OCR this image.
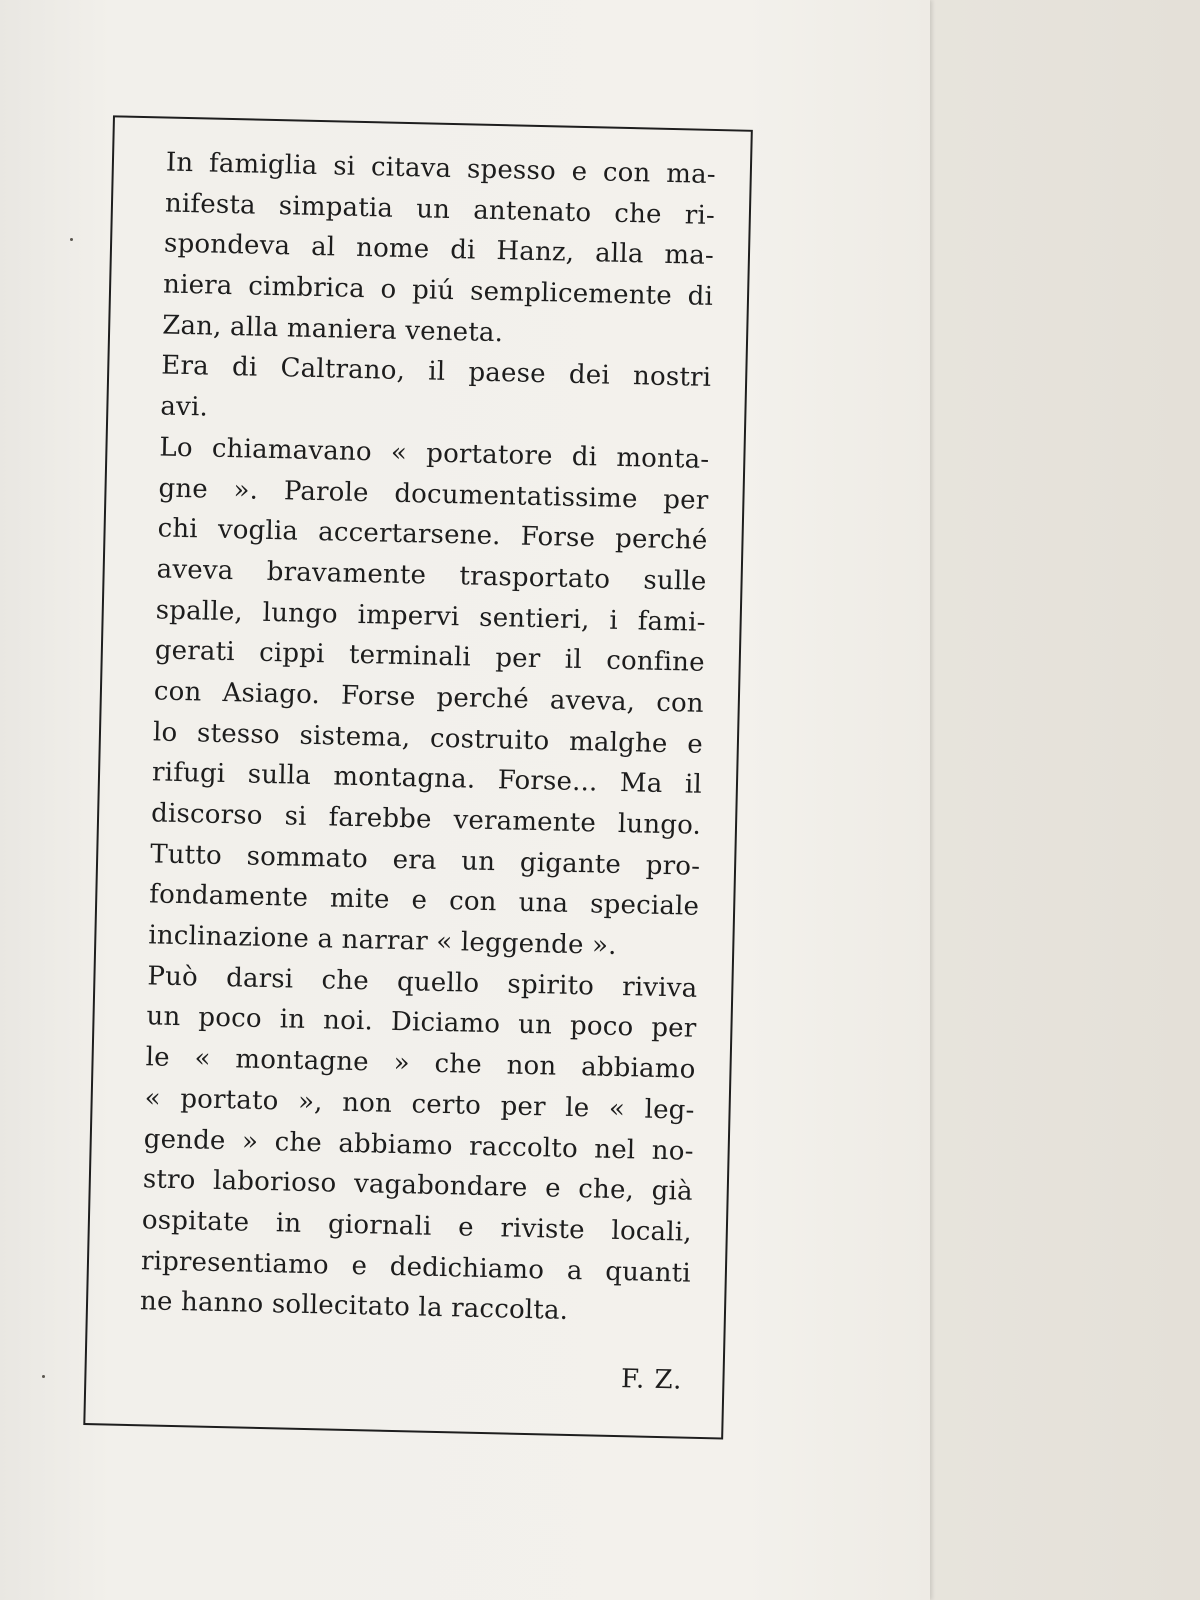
In famiglia si citava spesso e con ma-
nifesta simpatia un antenato che ri-
spondeva al nome di Hanz, alla ma-
niera cimbrica o piú semplicemente di
Zan, alla maniera veneta.
Era di Caltrano, il paese dei nostri
avi.
Lo chiamavano « portatore di monta-
gne ». Parole documentatissime per
chi voglia accertarsene. Forse perché
aveva bravamente trasportato sulle
spalle, lungo impervi sentieri, i fami-
gerati cippi terminali per il confine
con Asiago. Forse perché aveva, con
lo stesso sistema, costruito malghe e
rifugi sulla montagna. Forse... Ma il
discorso si farebbe veramente lungo.
Tutto sommato era un gigante pro-
fondamente mite e con una speciale
inclinazione a narrar « leggende ».
Può darsi che quello spirito riviva
un poco in noi. Diciamo un poco per
le « montagne » che non abbiamo
« portato », non certo per le « leg-
gende » che abbiamo raccolto nel no-
stro laborioso vagabondare e che, già
ospitate in giornali e riviste locali,
ripresentiamo e dedichiamo a quanti
ne hanno sollecitato la raccolta.
F. Z.
